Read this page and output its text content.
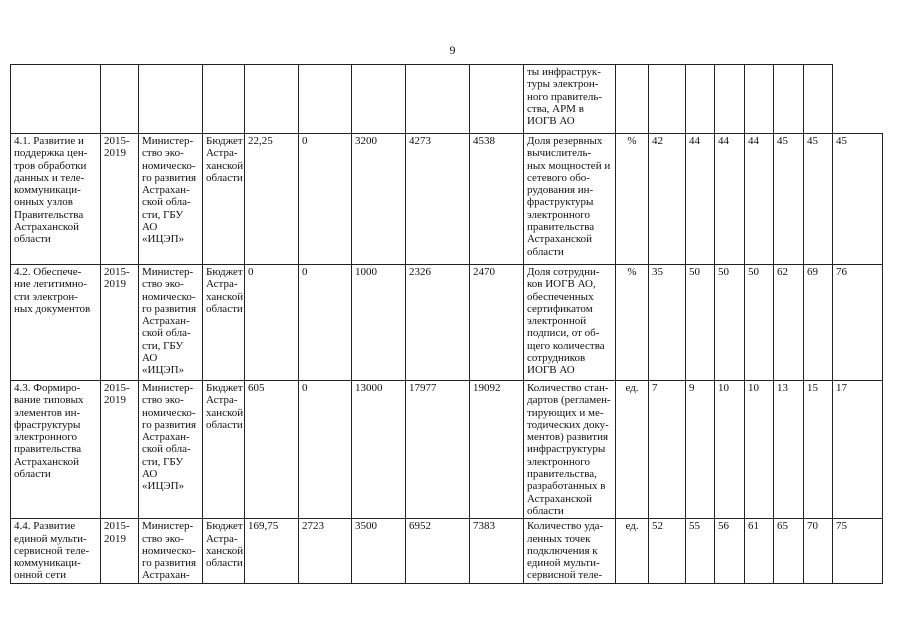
9
									ты инфраструк- туры электрон- ного правитель- ства, АРМ в ИОГВ АО								
4.1. Развитие и поддержка цен- тров обработки данных и теле- коммуникаци- онных узлов Правительства Астраханской области	2015- 2019	Министер- ство эко- номическо- го развития Астрахан- ской обла- сти, ГБУ АО «ИЦЭП»	Бюджет Астра- ханской области	22,25	0	3200	4273	4538	Доля резервных вычислитель- ных мощностей и сетевого обо- рудования ин- фраструктуры электронного правительства Астраханской области	%	42	44	44	44	45	45	45
4.2. Обеспече- ние легитимно- сти электрон- ных документов	2015- 2019	Министер- ство эко- номическо- го развития Астрахан- ской обла- сти, ГБУ АО «ИЦЭП»	Бюджет Астра- ханской области	0	0	1000	2326	2470	Доля сотрудни- ков ИОГВ АО, обеспеченных сертификатом электронной подписи, от об- щего количества сотрудников ИОГВ АО	%	35	50	50	50	62	69	76
4.3. Формиро- вание типовых элементов ин- фраструктуры электронного правительства Астраханской области	2015- 2019	Министер- ство эко- номическо- го развития Астрахан- ской обла- сти, ГБУ АО «ИЦЭП»	Бюджет Астра- ханской области	605	0	13000	17977	19092	Количество стан- дартов (регламен- тирующих и ме- тодических доку- ментов) развития инфраструктуры электронного правительства, разработанных в Астраханской области	ед.	7	9	10	10	13	15	17
4.4. Развитие единой мульти- сервисной теле- коммуникаци- онной сети	2015- 2019	Министер- ство эко- номическо- го развития Астрахан-	Бюджет Астра- ханской области	169,75	2723	3500	6952	7383	Количество уда- ленных точек подключения к единой мульти- сервисной теле-	ед.	52	55	56	61	65	70	75
